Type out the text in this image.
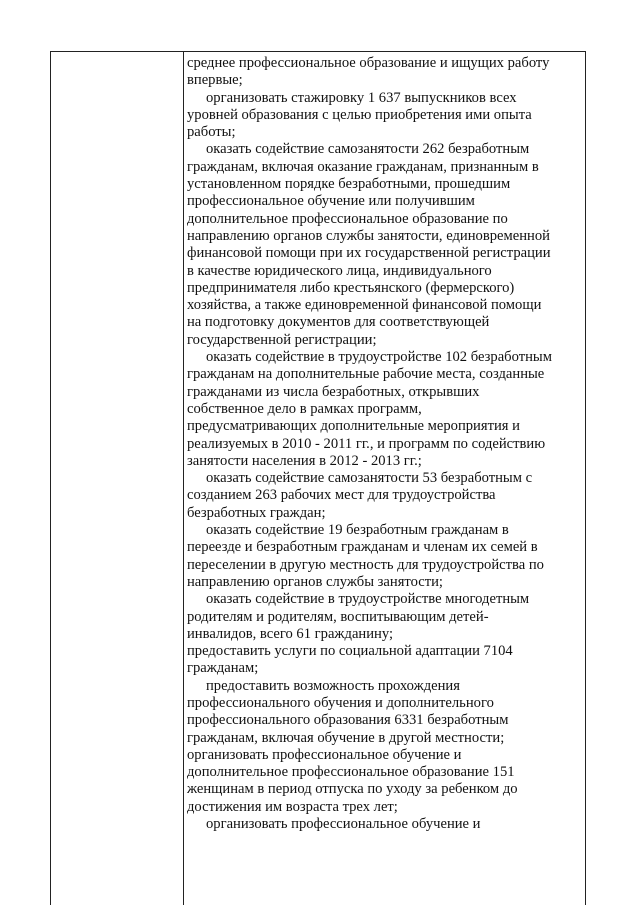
среднее профессиональное образование и ищущих работу
впервые;
организовать стажировку 1 637 выпускников всех
уровней образования с целью приобретения ими опыта
работы;
оказать содействие самозанятости 262 безработным
гражданам, включая оказание гражданам, признанным в
установленном порядке безработными, прошедшим
профессиональное обучение или получившим
дополнительное профессиональное образование по
направлению органов службы занятости, единовременной
финансовой помощи при их государственной регистрации
в качестве юридического лица, индивидуального
предпринимателя либо крестьянского (фермерского)
хозяйства, а также единовременной финансовой помощи
на подготовку документов для соответствующей
государственной регистрации;
оказать содействие в трудоустройстве 102 безработным
гражданам на дополнительные рабочие места, созданные
гражданами из числа безработных, открывших
собственное дело в рамках программ,
предусматривающих дополнительные мероприятия и
реализуемых в 2010 - 2011 гг., и программ по содействию
занятости населения в 2012 - 2013 гг.;
оказать содействие самозанятости 53 безработным с
созданием 263 рабочих мест для трудоустройства
безработных граждан;
оказать содействие 19 безработным гражданам в
переезде и безработным гражданам и членам их семей в
переселении в другую местность для трудоустройства по
направлению органов службы занятости;
оказать содействие в трудоустройстве многодетным
родителям и родителям, воспитывающим детей-
инвалидов, всего 61 гражданину;
предоставить услуги по социальной адаптации 7104
гражданам;
предоставить возможность прохождения
профессионального обучения и дополнительного
профессионального образования 6331 безработным
гражданам, включая обучение в другой местности;
организовать профессиональное обучение и
дополнительное профессиональное образование 151
женщинам в период отпуска по уходу за ребенком до
достижения им возраста трех лет;
организовать профессиональное обучение и
